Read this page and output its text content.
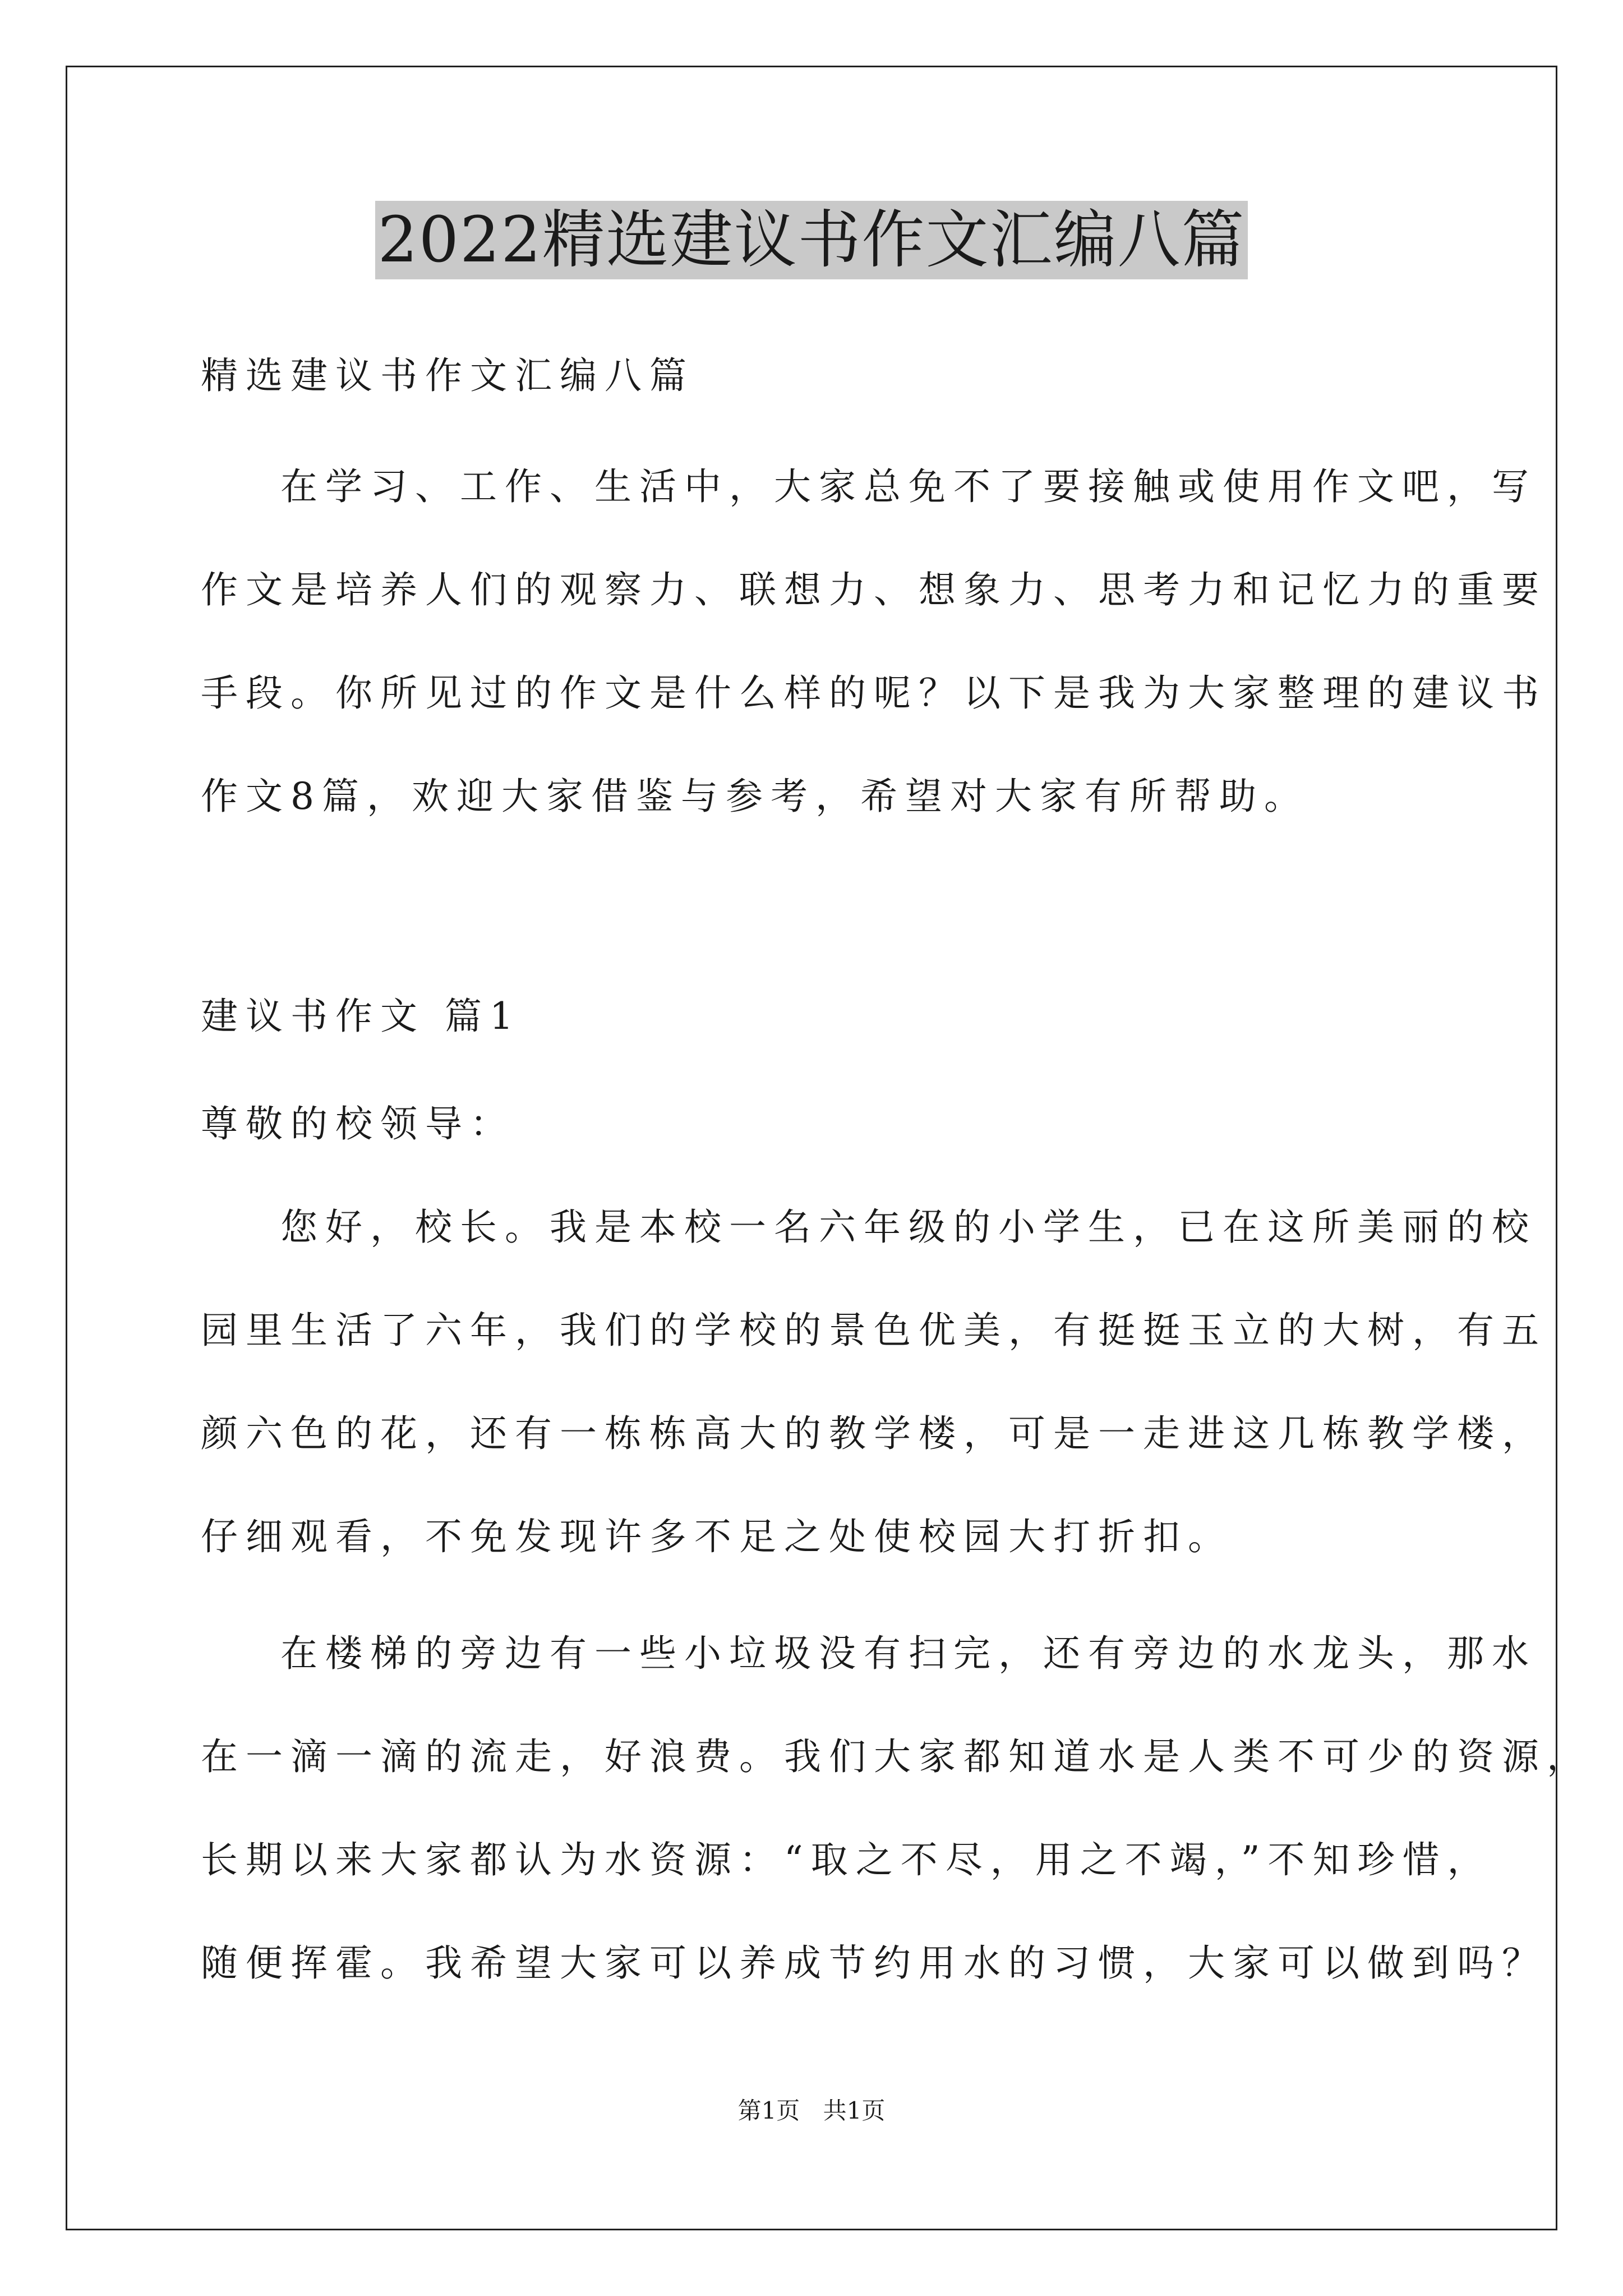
2022精选建议书作文汇编八篇
精选建议书作文汇编八篇
在学习、工作、生活中，大家总免不了要接触或使用作文吧，写
作文是培养人们的观察力、联想力、想象力、思考力和记忆力的重要
手段。你所见过的作文是什么样的呢？以下是我为大家整理的建议书
作文8篇，欢迎大家借鉴与参考，希望对大家有所帮助。
建议书作文 篇1
尊敬的校领导：
您好，校长。我是本校一名六年级的小学生，已在这所美丽的校
园里生活了六年，我们的学校的景色优美，有挺挺玉立的大树，有五
颜六色的花，还有一栋栋高大的教学楼，可是一走进这几栋教学楼，
仔细观看，不免发现许多不足之处使校园大打折扣。
在楼梯的旁边有一些小垃圾没有扫完，还有旁边的水龙头，那水
在一滴一滴的流走，好浪费。我们大家都知道水是人类不可少的资源，
长期以来大家都认为水资源：“取之不尽，用之不竭，”不知珍惜，
随便挥霍。我希望大家可以养成节约用水的习惯，大家可以做到吗？
第1页 共1页
